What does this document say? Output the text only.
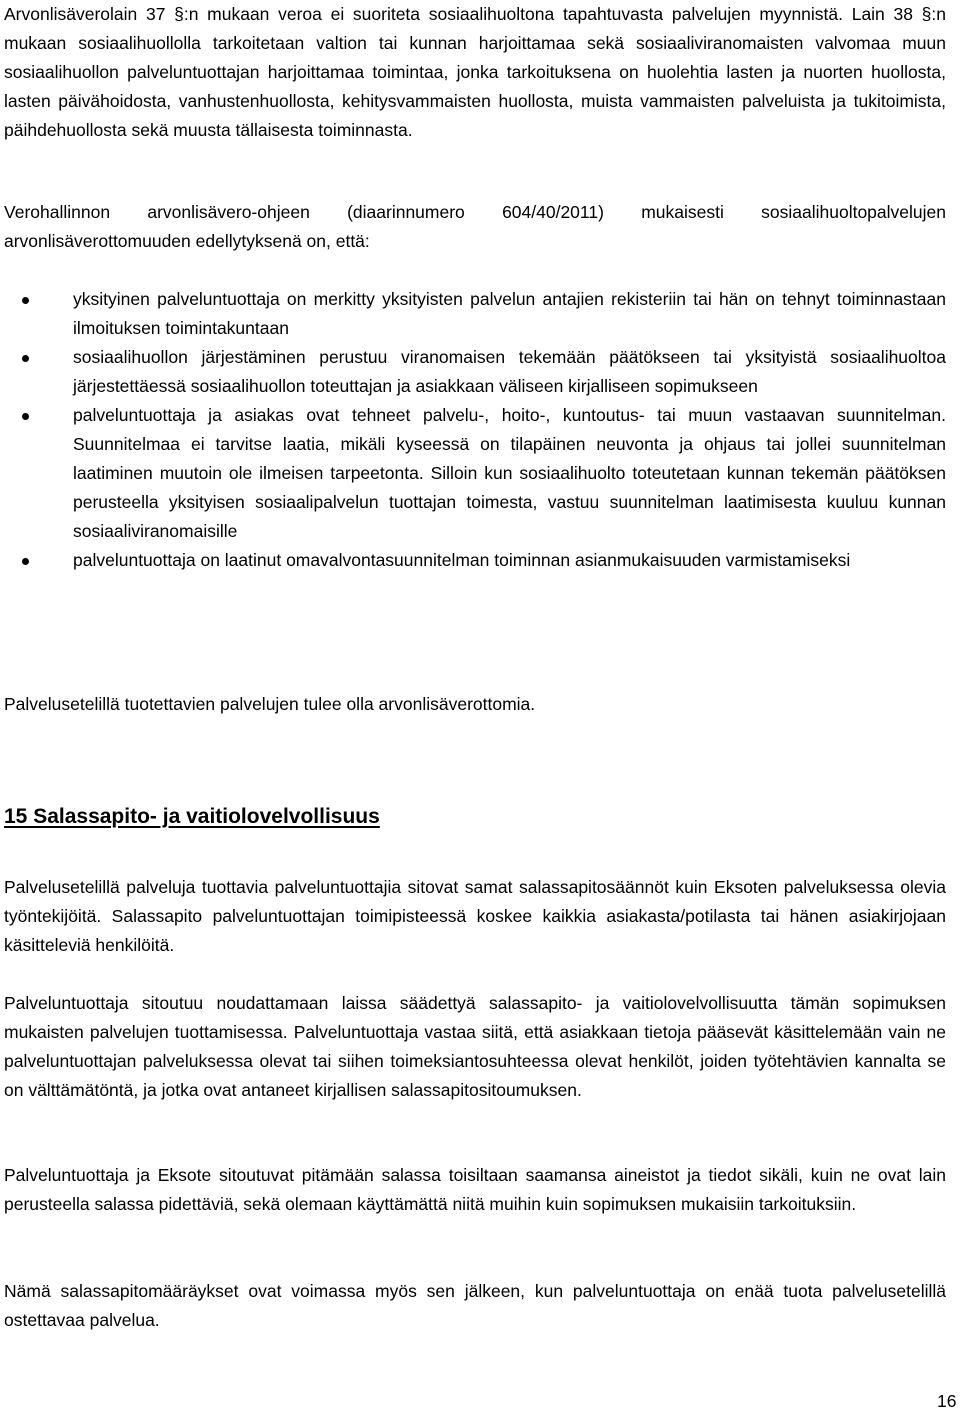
Arvonlisäverolain 37 §:n mukaan veroa ei suoriteta sosiaalihuoltona tapahtuvasta palvelujen myynnistä. Lain 38 §:n mukaan sosiaalihuollolla tarkoitetaan valtion tai kunnan harjoittamaa sekä sosiaaliviranomaisten valvomaa muun sosiaalihuollon palveluntuottajan harjoittamaa toimintaa, jonka tarkoituksena on huolehtia lasten ja nuorten huollosta, lasten päivähoidosta, vanhustenhuollosta, kehitysvammaisten huollosta, muista vammaisten palveluista ja tukitoimista, päihdehuollosta sekä muusta tällaisesta toiminnasta.

Verohallinnon arvonlisävero-ohjeen (diaarinnumero 604/40/2011) mukaisesti sosiaalihuoltopalvelujen arvonlisäverottomuuden edellytyksenä on, että:

yksityinen palveluntuottaja on merkitty yksityisten palvelun antajien rekisteriin tai hän on tehnyt toiminnastaan ilmoituksen toimintakuntaan
sosiaalihuollon järjestäminen perustuu viranomaisen tekemään päätökseen tai yksityistä sosiaalihuoltoa järjestettäessä sosiaalihuollon toteuttajan ja asiakkaan väliseen kirjalliseen sopimukseen
palveluntuottaja ja asiakas ovat tehneet palvelu-, hoito-, kuntoutus- tai muun vastaavan suunnitelman. Suunnitelmaa ei tarvitse laatia, mikäli kyseessä on tilapäinen neuvonta ja ohjaus tai jollei suunnitelman laatiminen muutoin ole ilmeisen tarpeetonta. Silloin kun sosiaalihuolto toteutetaan kunnan tekemän päätöksen perusteella yksityisen sosiaalipalvelun tuottajan toimesta, vastuu suunnitelman laatimisesta kuuluu kunnan sosiaaliviranomaisille
palveluntuottaja on laatinut omavalvontasuunnitelman toiminnan asianmukaisuuden varmistamiseksi

Palvelusetelillä tuotettavien palvelujen tulee olla arvonlisäverottomia.

15 Salassapito- ja vaitiolovelvollisuus

Palvelusetelillä palveluja tuottavia palveluntuottajia sitovat samat salassapitosäännöt kuin Eksoten palveluksessa olevia työntekijöitä. Salassapito palveluntuottajan toimipisteessä koskee kaikkia asiakasta/potilasta tai hänen asiakirjojaan käsitteleviä henkilöitä.

Palveluntuottaja sitoutuu noudattamaan laissa säädettyä salassapito- ja vaitiolovelvollisuutta tämän sopimuksen mukaisten palvelujen tuottamisessa. Palveluntuottaja vastaa siitä, että asiakkaan tietoja pääsevät käsittelemään vain ne palveluntuottajan palveluksessa olevat tai siihen toimeksiantosuhteessa olevat henkilöt, joiden työtehtävien kannalta se on välttämätöntä, ja jotka ovat antaneet kirjallisen salassapitositoumuksen.

Palveluntuottaja ja Eksote sitoutuvat pitämään salassa toisiltaan saamansa aineistot ja tiedot sikäli, kuin ne ovat lain perusteella salassa pidettäviä, sekä olemaan käyttämättä niitä muihin kuin sopimuksen mukaisiin tarkoituksiin.

Nämä salassapitomääräykset ovat voimassa myös sen jälkeen, kun palveluntuottaja on enää tuota palvelusetelillä ostettavaa palvelua.

16
